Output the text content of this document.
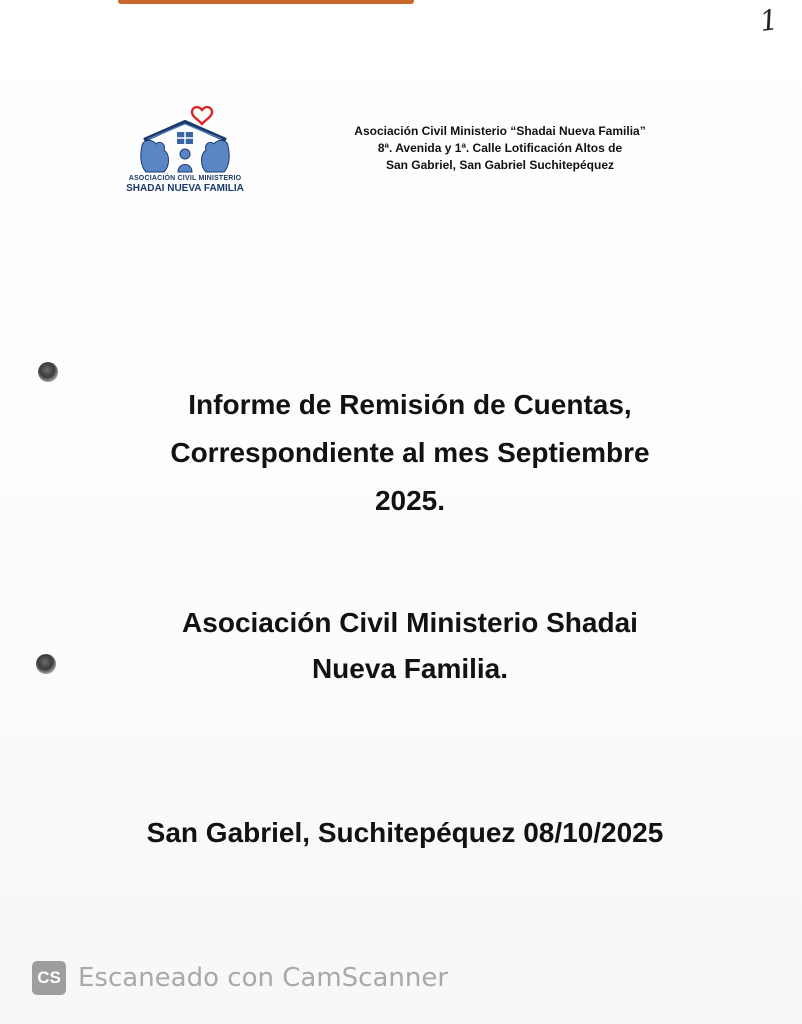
1
ASOCIACIÓN CIVIL MINISTERIO
SHADAI NUEVA FAMILIA
Asociación Civil Ministerio “Shadai Nueva Familia”
8ª. Avenida y 1ª. Calle Lotificación Altos de
San Gabriel, San Gabriel Suchitepéquez
Informe de Remisión de Cuentas,
Correspondiente al mes Septiembre
2025.
Asociación Civil Ministerio Shadai
Nueva Familia.
San Gabriel, Suchitepéquez 08/10/2025
CS Escaneado con CamScanner
